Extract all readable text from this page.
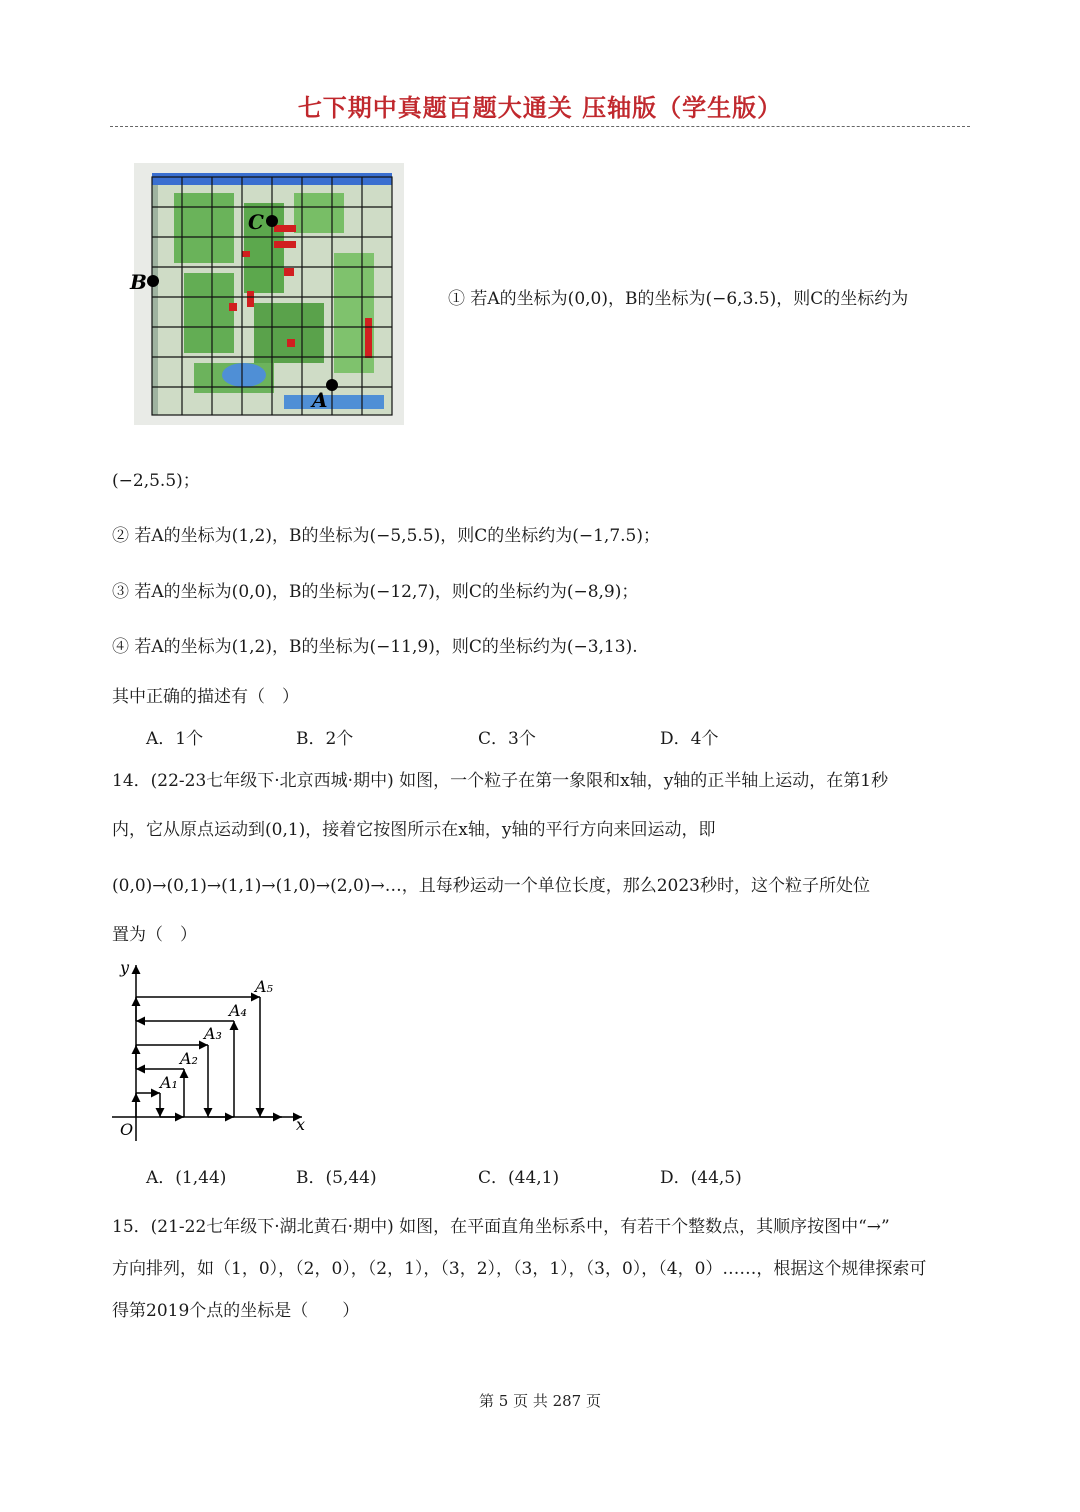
七下期中真题百题大通关 压轴版（学生版）
C
B
A
① 若A的坐标为(0,0)，B的坐标为(−6,3.5)，则C的坐标约为
(−2,5.5)；
② 若A的坐标为(1,2)，B的坐标为(−5,5.5)，则C的坐标约为(−1,7.5)；
③ 若A的坐标为(0,0)，B的坐标为(−12,7)，则C的坐标约为(−8,9)；
④ 若A的坐标为(1,2)，B的坐标为(−11,9)，则C的坐标约为(−3,13).
其中正确的描述有（　）
A．1个	B．2个	C．3个	D．4个
14．(22-23七年级下·北京西城·期中) 如图，一个粒子在第一象限和x轴，y轴的正半轴上运动，在第1秒
内，它从原点运动到(0,1)，接着它按图所示在x轴，y轴的平行方向来回运动，即
(0,0)→(0,1)→(1,1)→(1,0)→(2,0)→…，且每秒运动一个单位长度，那么2023秒时，这个粒子所处位
置为（　）
y
x
O
A₁
A₂
A₃
A₄
A₅
A．(1,44)	B．(5,44)	C．(44,1)	D．(44,5)
15．(21-22七年级下·湖北黄石·期中) 如图，在平面直角坐标系中，有若干个整数点，其顺序按图中“→”
方向排列，如（1，0），（2，0），（2，1），（3，2），（3，1），（3，0），（4，0）……，根据这个规律探索可
得第2019个点的坐标是（　　）
第 5 页 共 287 页
